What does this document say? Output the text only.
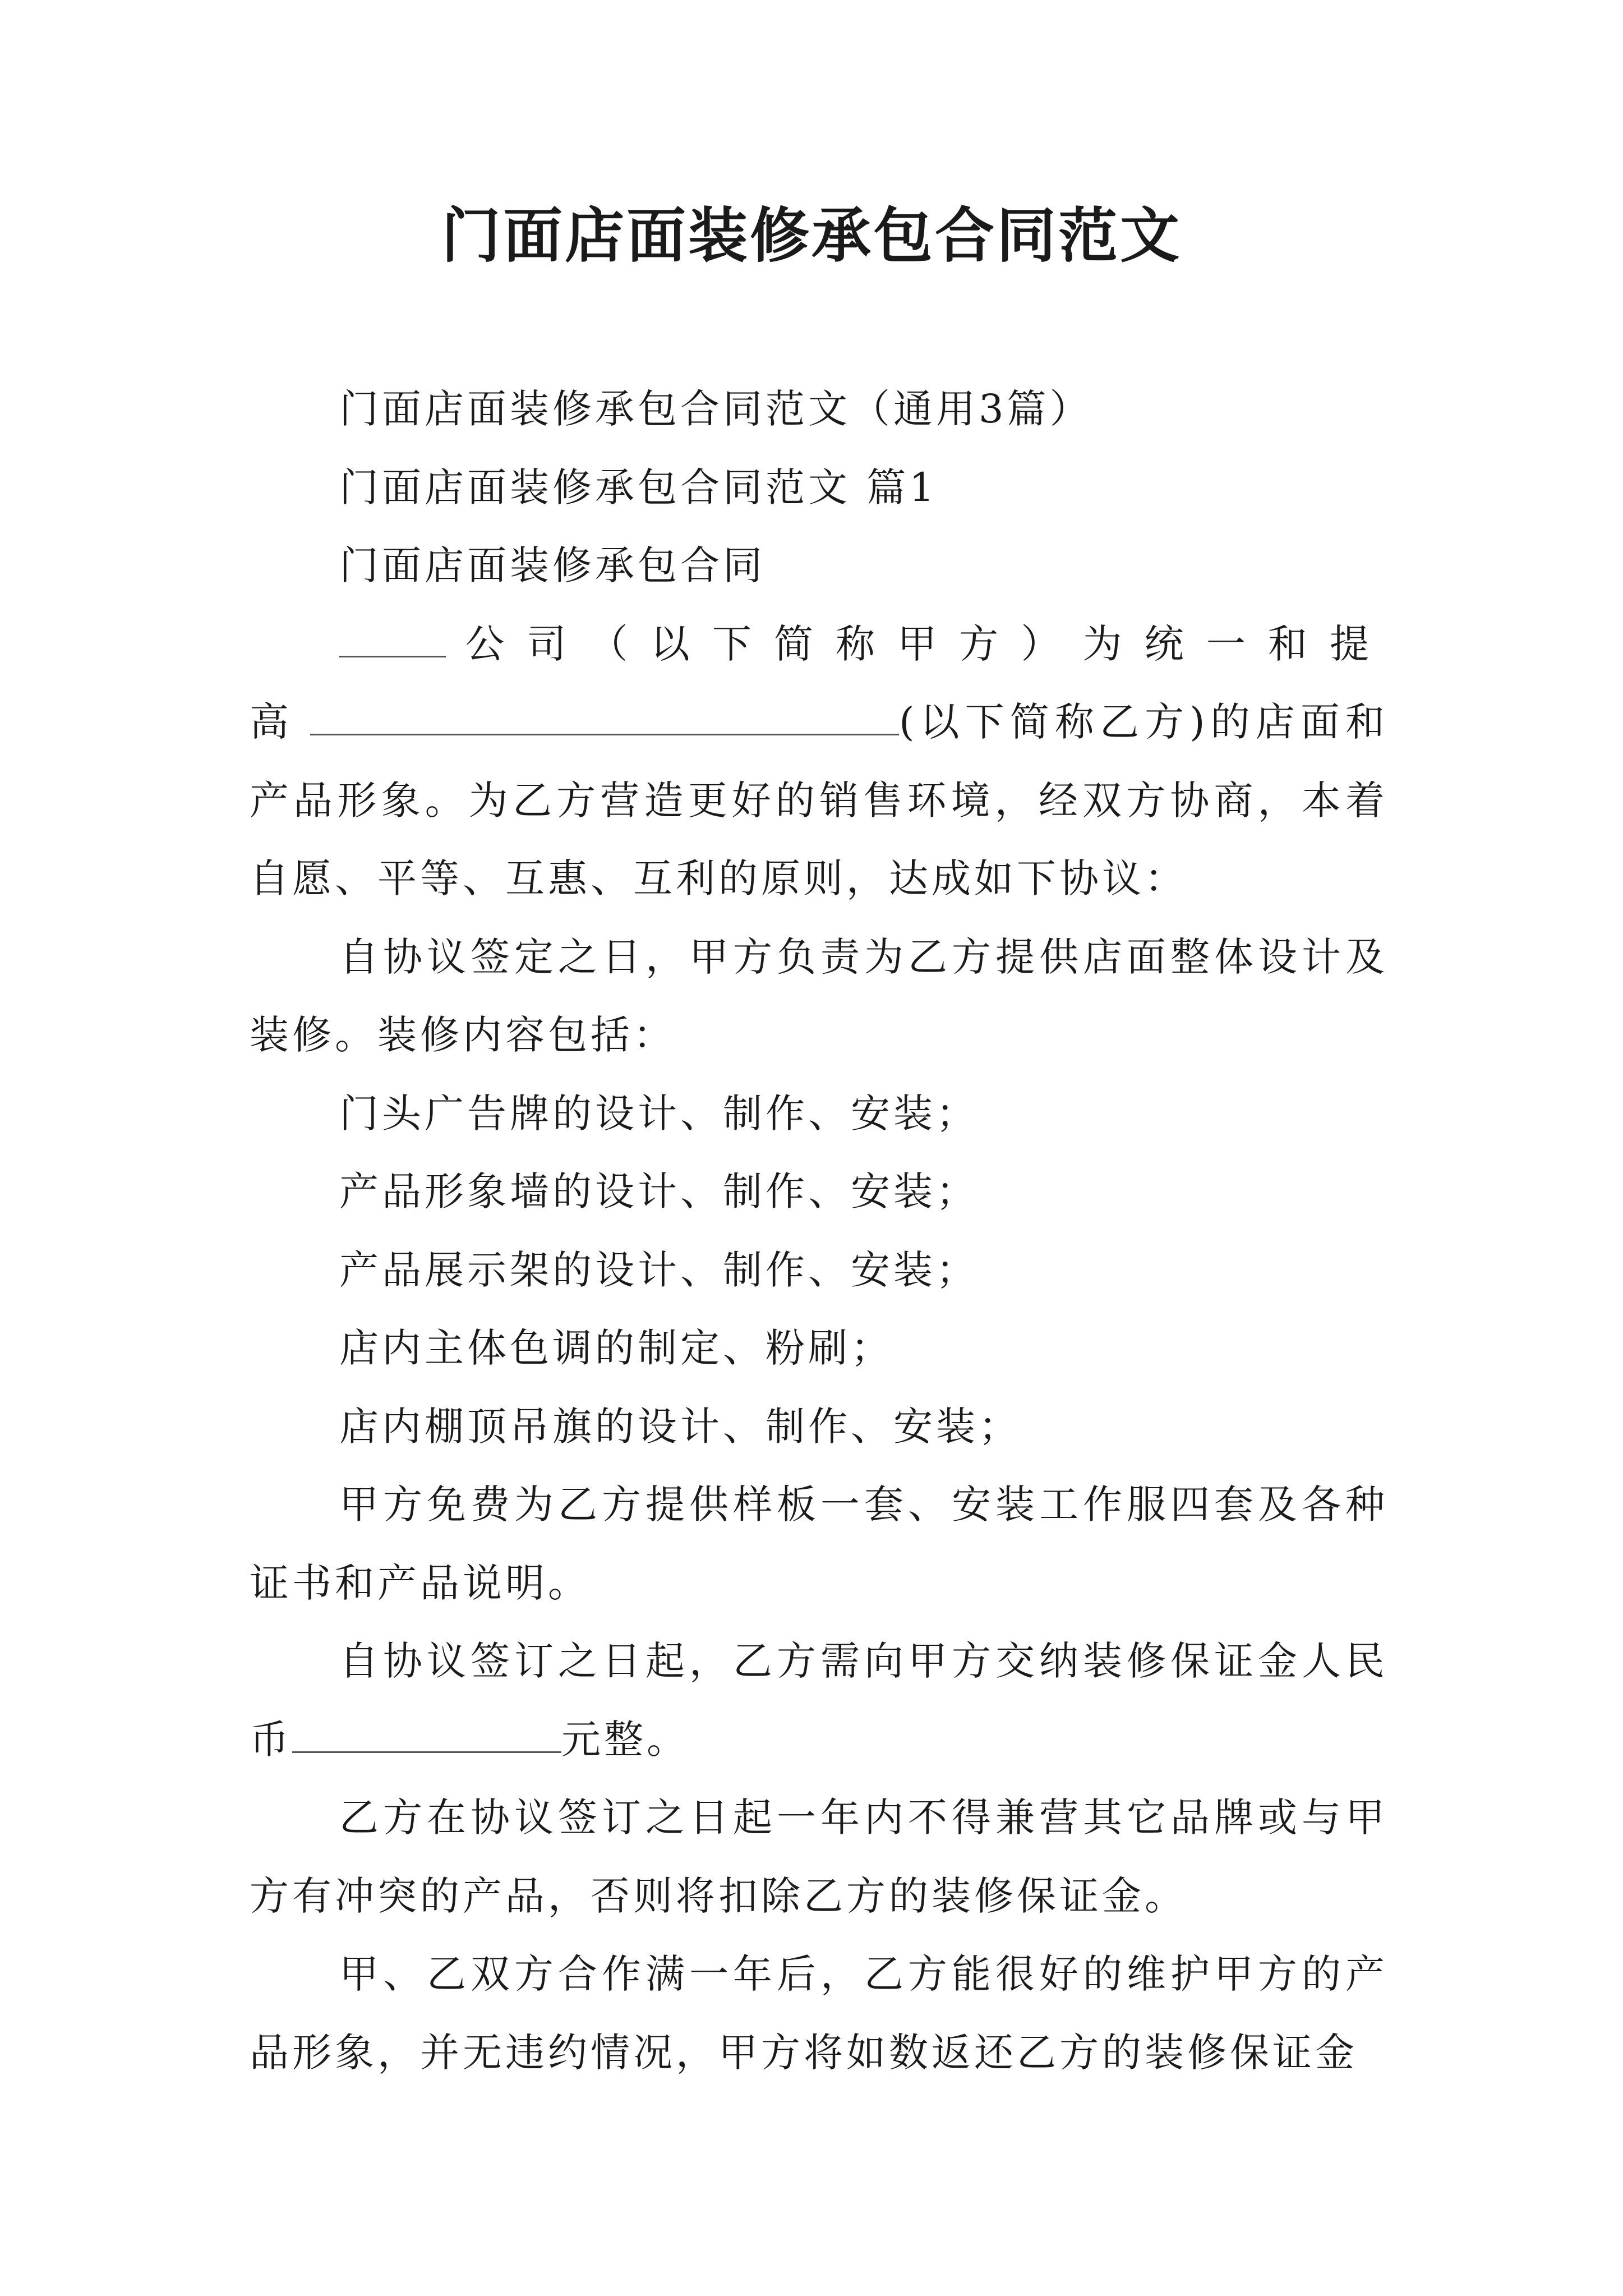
门面店面装修承包合同范文

门面店面装修承包合同范文（通用3篇）

门面店面装修承包合同范文 篇1

门面店面装修承包合同

公司（以下简称甲方）为统一和提高	(以下简称乙方)的店面和产品形象。为乙方营造更好的销售环境，经双方协商，本着自愿、平等、互惠、互利的原则，达成如下协议：

自协议签定之日，甲方负责为乙方提供店面整体设计及装修。装修内容包括：

门头广告牌的设计、制作、安装；

产品形象墙的设计、制作、安装；

产品展示架的设计、制作、安装；

店内主体色调的制定、粉刷；

店内棚顶吊旗的设计、制作、安装；

甲方免费为乙方提供样板一套、安装工作服四套及各种证书和产品说明。

自协议签订之日起，乙方需向甲方交纳装修保证金人民币	元整。

乙方在协议签订之日起一年内不得兼营其它品牌或与甲方有冲突的产品，否则将扣除乙方的装修保证金。

甲、乙双方合作满一年后，乙方能很好的维护甲方的产品形象，并无违约情况，甲方将如数返还乙方的装修保证金
